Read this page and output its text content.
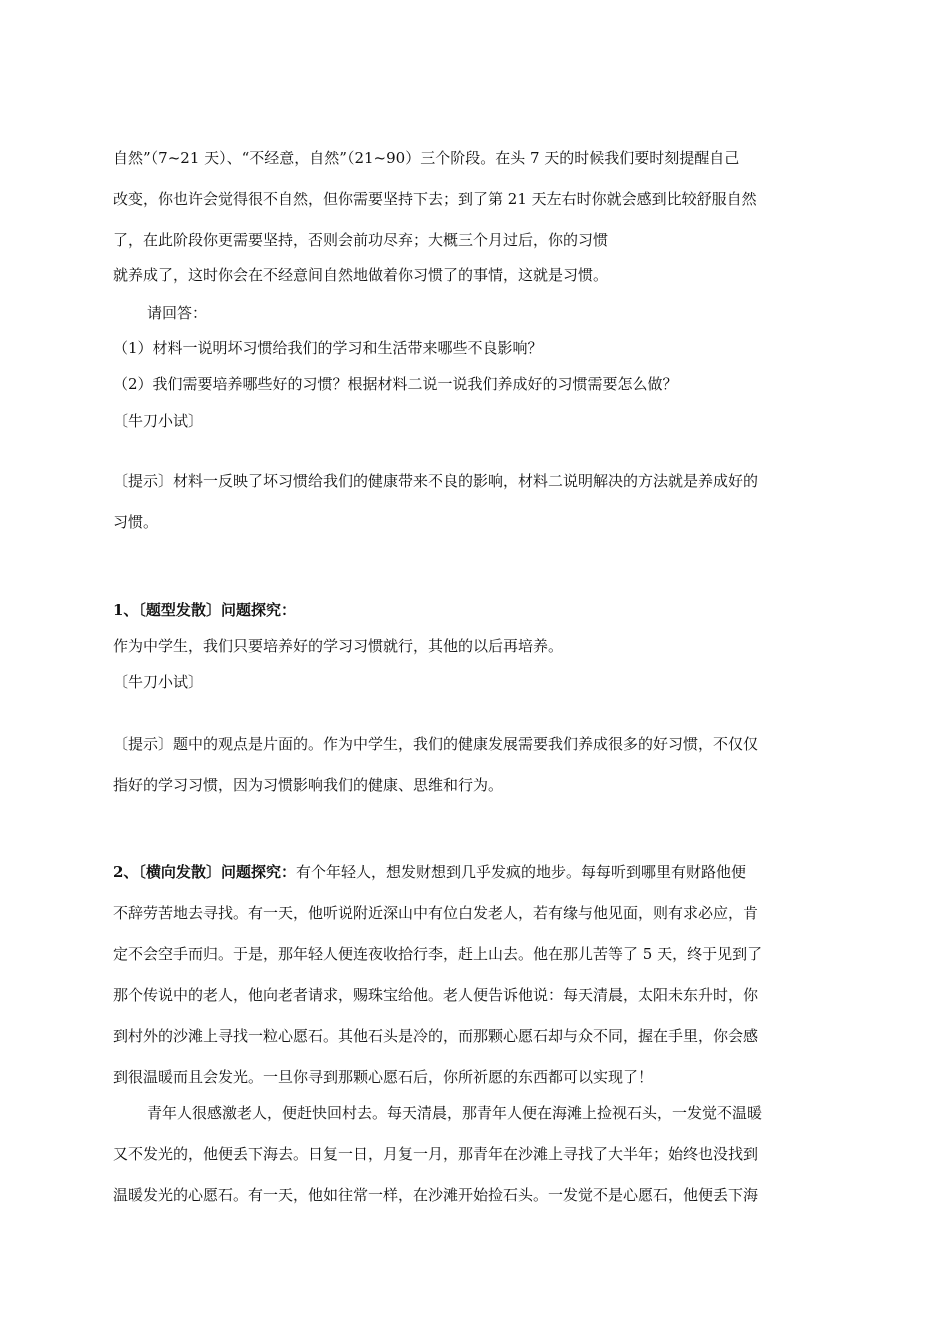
自然”（7~21 天）、“不经意，自然”（21~90）三个阶段。在头 7 天的时候我们要时刻提醒自己
改变，你也许会觉得很不自然，但你需要坚持下去；到了第 21 天左右时你就会感到比较舒服自然
了，在此阶段你更需要坚持，否则会前功尽弃；大概三个月过后，你的习惯
就养成了，这时你会在不经意间自然地做着你习惯了的事情，这就是习惯。
请回答：
（1）材料一说明坏习惯给我们的学习和生活带来哪些不良影响？
（2）我们需要培养哪些好的习惯？根据材料二说一说我们养成好的习惯需要怎么做？
〔牛刀小试〕
〔提示〕材料一反映了坏习惯给我们的健康带来不良的影响，材料二说明解决的方法就是养成好的
习惯。
1、〔题型发散〕问题探究：
作为中学生，我们只要培养好的学习习惯就行，其他的以后再培养。
〔牛刀小试〕
〔提示〕题中的观点是片面的。作为中学生，我们的健康发展需要我们养成很多的好习惯，不仅仅
指好的学习习惯，因为习惯影响我们的健康、思维和行为。
2、〔横向发散〕问题探究：有个年轻人，想发财想到几乎发疯的地步。每每听到哪里有财路他便
不辞劳苦地去寻找。有一天，他听说附近深山中有位白发老人，若有缘与他见面，则有求必应，肯
定不会空手而归。于是，那年轻人便连夜收拾行李，赶上山去。他在那儿苦等了 5 天，终于见到了
那个传说中的老人，他向老者请求，赐珠宝给他。老人便告诉他说：每天清晨，太阳未东升时，你
到村外的沙滩上寻找一粒心愿石。其他石头是冷的，而那颗心愿石却与众不同，握在手里，你会感
到很温暖而且会发光。一旦你寻到那颗心愿石后，你所祈愿的东西都可以实现了！
青年人很感激老人，便赶快回村去。每天清晨，那青年人便在海滩上捡视石头，一发觉不温暖
又不发光的，他便丢下海去。日复一日，月复一月，那青年在沙滩上寻找了大半年；始终也没找到
温暖发光的心愿石。有一天，他如往常一样，在沙滩开始捡石头。一发觉不是心愿石，他便丢下海
